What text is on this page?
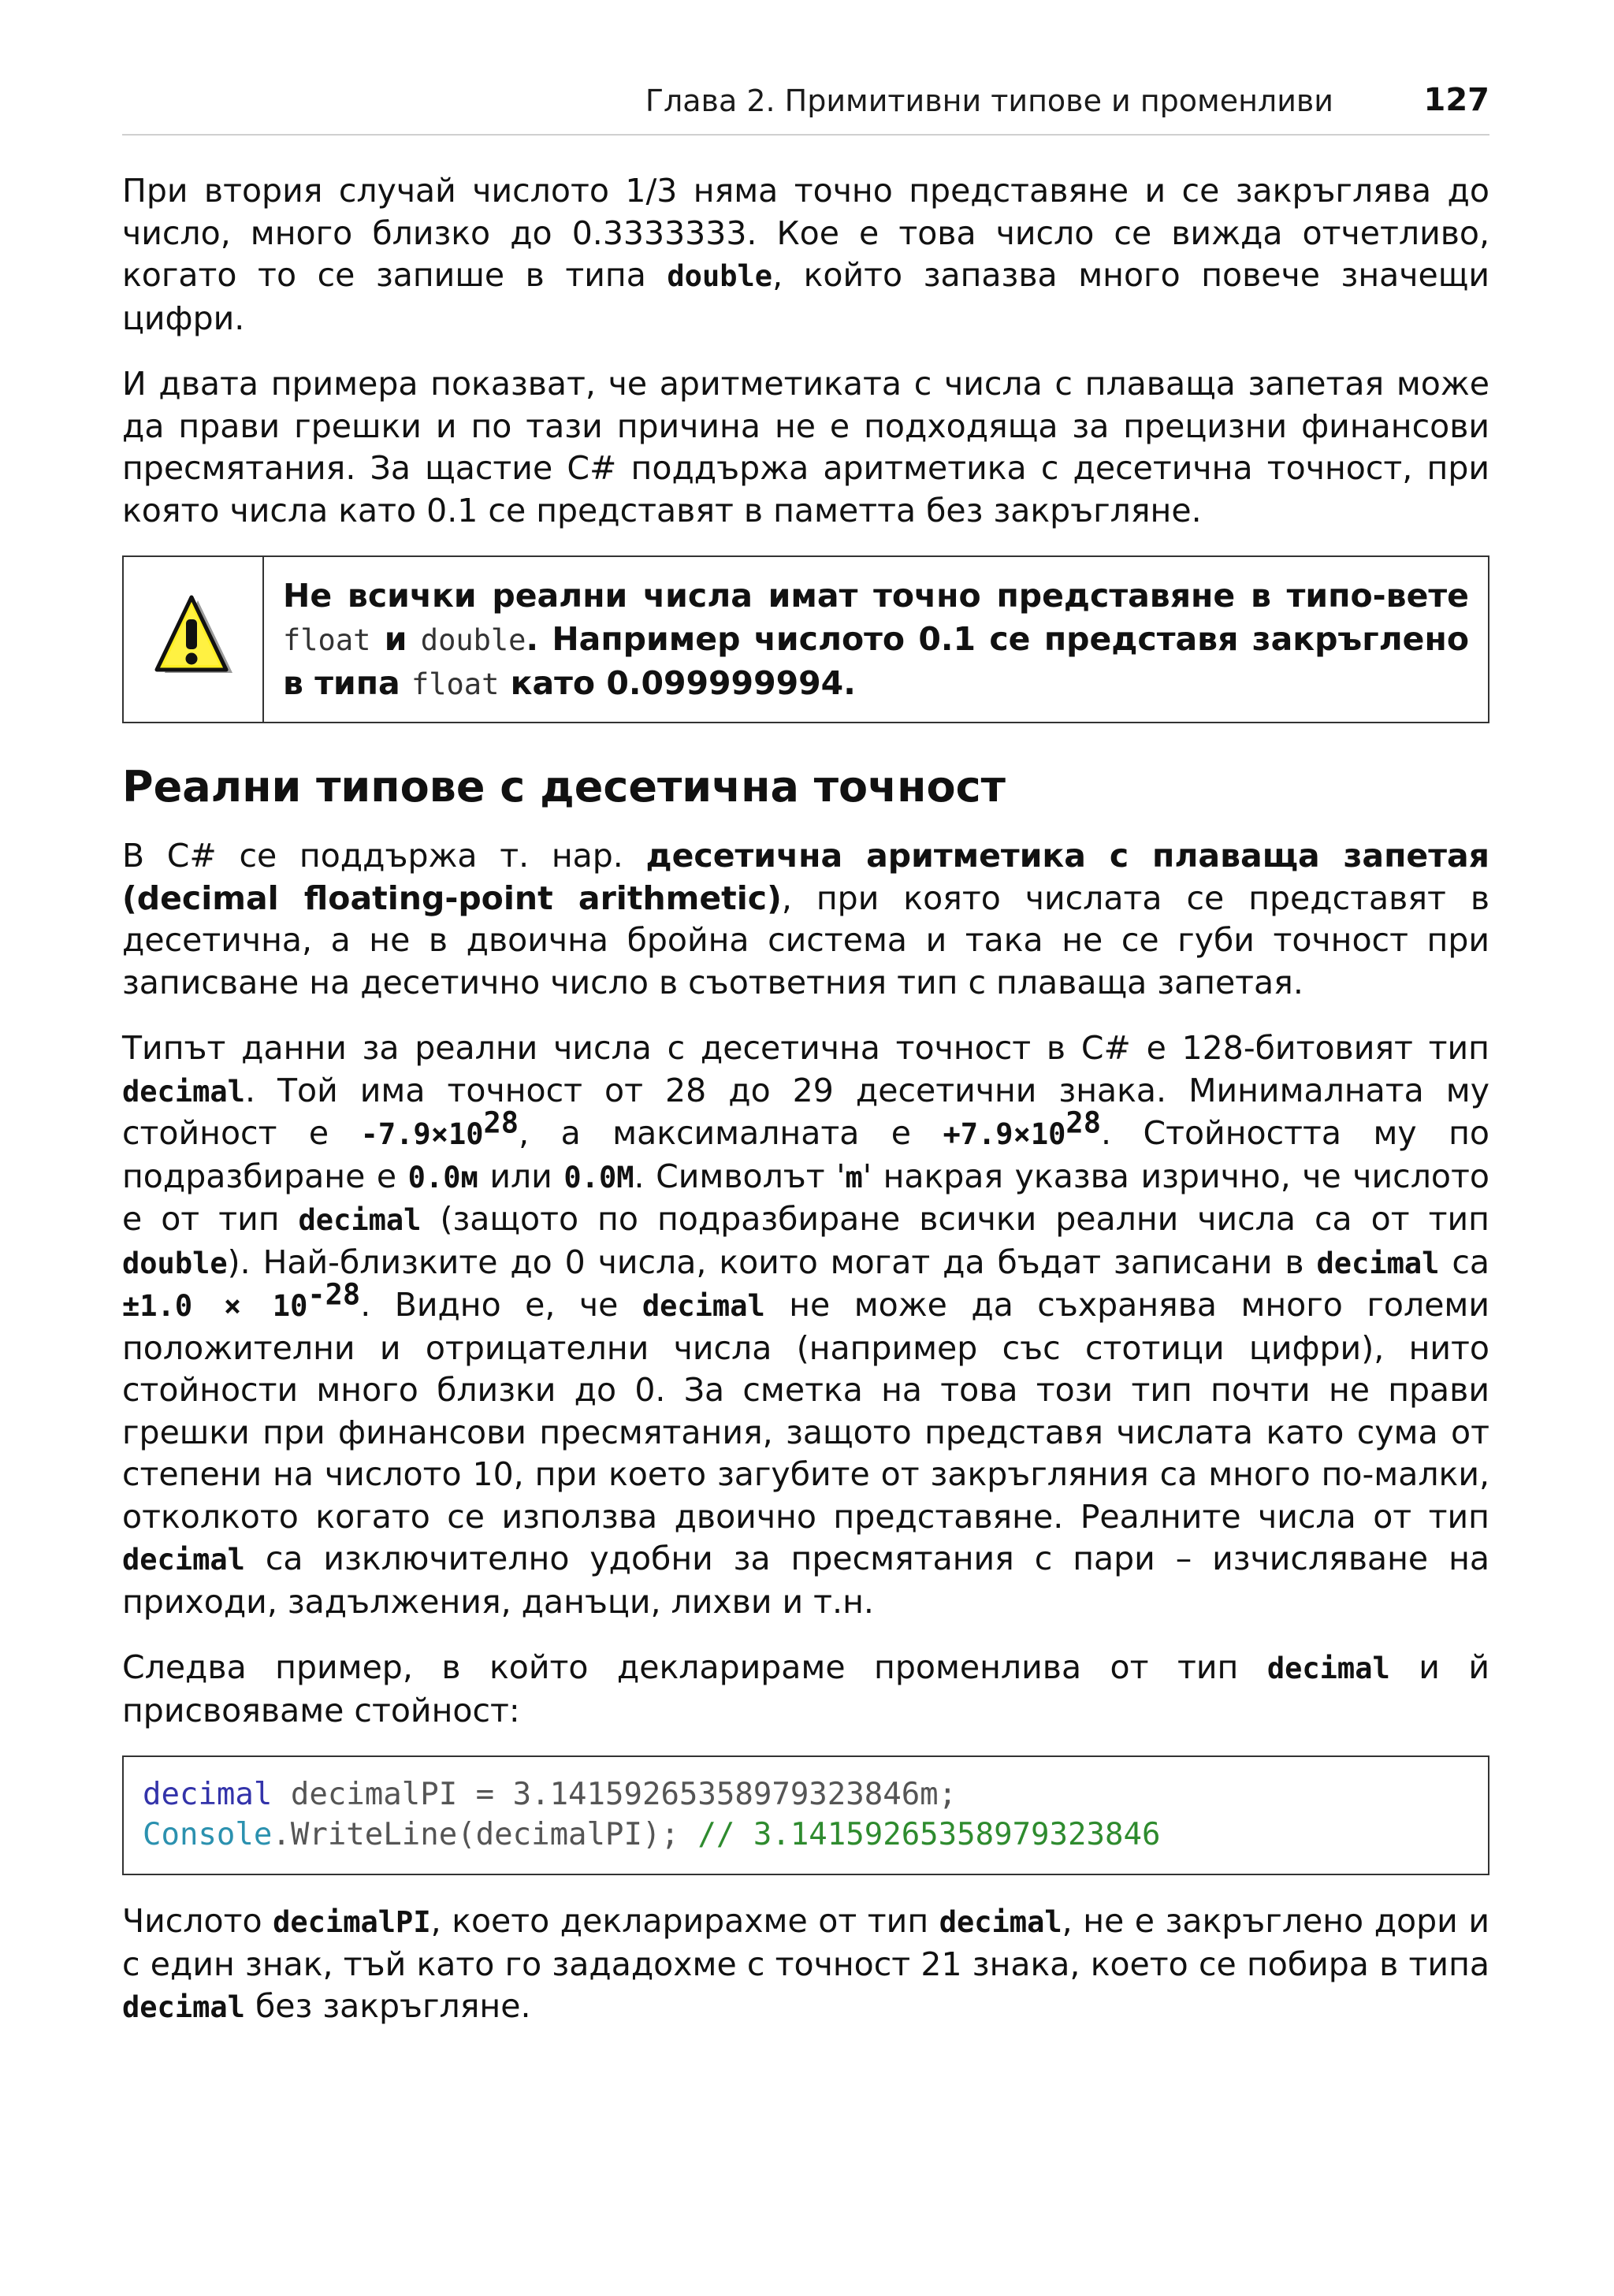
Глава 2. Примитивни типове и променливи	127

При втория случай числото 1/3 няма точно представяне и се закръглява до число, много близко до 0.3333333. Кое е това число се вижда отчетливо, когато то се запише в типа double, който запазва много повече значещи цифри.

И двата примера показват, че аритметиката с числа с плаваща запетая може да прави грешки и по тази причина не е подходяща за прецизни финансови пресмятания. За щастие C# поддържа аритметика с десетична точност, при която числа като 0.1 се представят в паметта без закръгляне.

Не всички реални числа имат точно представяне в типо-вете float и double. Например числото 0.1 се представя закръглено в типа float като 0.099999994.
Реални типове с десетична точност

В C# се поддържа т. нар. десетична аритметика с плаваща запетая (decimal floating-point arithmetic), при която числата се представят в десетична, а не в двоична бройна система и така не се губи точност при записване на десетично число в съответния тип с плаваща запетая.

Типът данни за реални числа с десетична точност в C# е 128-битовият тип decimal. Той има точност от 28 до 29 десетични знака. Минималната му стойност е $-7.9\times 10^{28}$, а максималната $е +7.9\times 10^{28}$. Стойността му по подразбиране е 0.0м или 0.0M. Символът 'm' накрая указва изрично, че числото е от тип decimal (защото по подразбиране всички реални числа са от тип double). Най-близките до 0 числа, които могат да бъдат записани в decimal са $\pm 1.0 \times 10^{-28}$. Видно е, че decimal не може да съхранява много големи положителни и отрицателни числа (например със стотици цифри), нито стойности много близки до 0. За сметка на това този тип почти не прави грешки при финансови пресмятания, защото представя числата като сума от степени на числото 10, при което загубите от закръгляния са много по-малки, отколкото когато се използва двоично представяне. Реалните числа от тип decimal са изключително удобни за пресмятания с пари – изчисляване на приходи, задължения, данъци, лихви и т.н.

Следва пример, в който декларираме променлива от тип decimal и й присвояваме стойност:

decimal decimalPI = 3.14159265358979323846m;
Console.WriteLine(decimalPI); // 3.14159265358979323846

Числото decimalPI, което декларирахме от тип decimal, не е закръглено дори и с един знак, тъй като го зададохме с точност 21 знака, което се побира в типа decimal без закръгляне.
